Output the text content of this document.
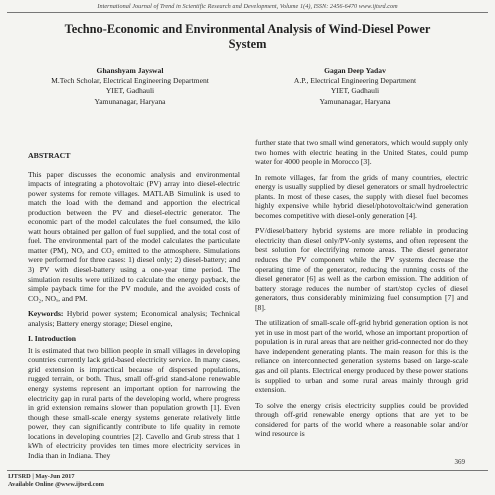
International Journal of Trend in Scientific Research and Development, Volume 1(4), ISSN: 2456-6470 www.ijtsrd.com
Techno-Economic and Environmental Analysis of Wind-Diesel Power
System
Ghanshyam Jayswal
M.Tech Scholar, Electrical Engineering Department
YIET, Gadhauli
Yamunanagar, Haryana
Gagan Deep Yadav
A.P., Electrical Engineering Department
YIET, Gadhauli
Yamunanagar, Haryana
ABSTRACT

This paper discusses the economic analysis and environmental impacts of integrating a photovoltaic (PV) array into diesel-electric power systems for remote villages. MATLAB Simulink is used to match the load with the demand and apportion the electrical production between the PV and diesel-electric generator. The economic part of the model calculates the fuel consumed, the kilo watt hours obtained per gallon of fuel supplied, and the total cost of fuel. The environmental part of the model calculates the particulate matter (PM), NOₓ and CO₂ emitted to the atmosphere. Simulations were performed for three cases: 1) diesel only; 2) diesel-battery; and 3) PV with diesel-battery using a one-year time period. The simulation results were utilized to calculate the energy payback, the simple payback time for the PV module, and the avoided costs of CO₂, NOₓ, and PM.

Keywords: Hybrid power system; Economical analysis; Technical analysis; Battery energy storage; Diesel engine,

I. Introduction

It is estimated that two billion people in small villages in developing countries currently lack grid-based electricity service. In many cases, grid extension is impractical because of dispersed populations, rugged terrain, or both. Thus, small off-grid stand-alone renewable energy systems represent an important option for narrowing the electricity gap in rural parts of the developing world, where progress in grid extension remains slower than population growth [1]. Even though these small-scale energy systems generate relatively little power, they can significantly contribute to life quality in remote locations in developing countries [2]. Cavello and Grub stress that 1 kWh of electricity provides ten times more electricity services in India than in Indiana. They

further state that two small wind generators, which would supply only two homes with electric heating in the United States, could pump water for 4000 people in Morocco [3].

In remote villages, far from the grids of many countries, electric energy is usually supplied by diesel generators or small hydroelectric plants. In most of these cases, the supply with diesel fuel becomes highly expensive while hybrid diesel/photovoltaic/wind generation becomes competitive with diesel-only generation [4].

PV/diesel/battery hybrid systems are more reliable in producing electricity than diesel only/PV-only systems, and often represent the best solution for electrifying remote areas. The diesel generator reduces the PV component while the PV systems decrease the operating time of the generator, reducing the running costs of the diesel generator [6] as well as the carbon emission. The addition of battery storage reduces the number of start/stop cycles of diesel generators, thus considerably minimizing fuel consumption [7] and [8].

The utilization of small-scale off-grid hybrid generation option is not yet in use in most part of the world, whose an important proportion of population is in rural areas that are neither grid-connected nor do they have independent generating plants. The main reason for this is the reliance on interconnected generation systems based on large-scale gas and oil plants. Electrical energy produced by these power stations is supplied to urban and some rural areas mainly through grid extension.

To solve the energy crisis electricity supplies could be provided through off-grid renewable energy options that are yet to be considered for parts of the world where a reasonable solar and/or wind resource is

369
IJTSRD | May-Jun 2017
Available Online @www.ijtsrd.com
